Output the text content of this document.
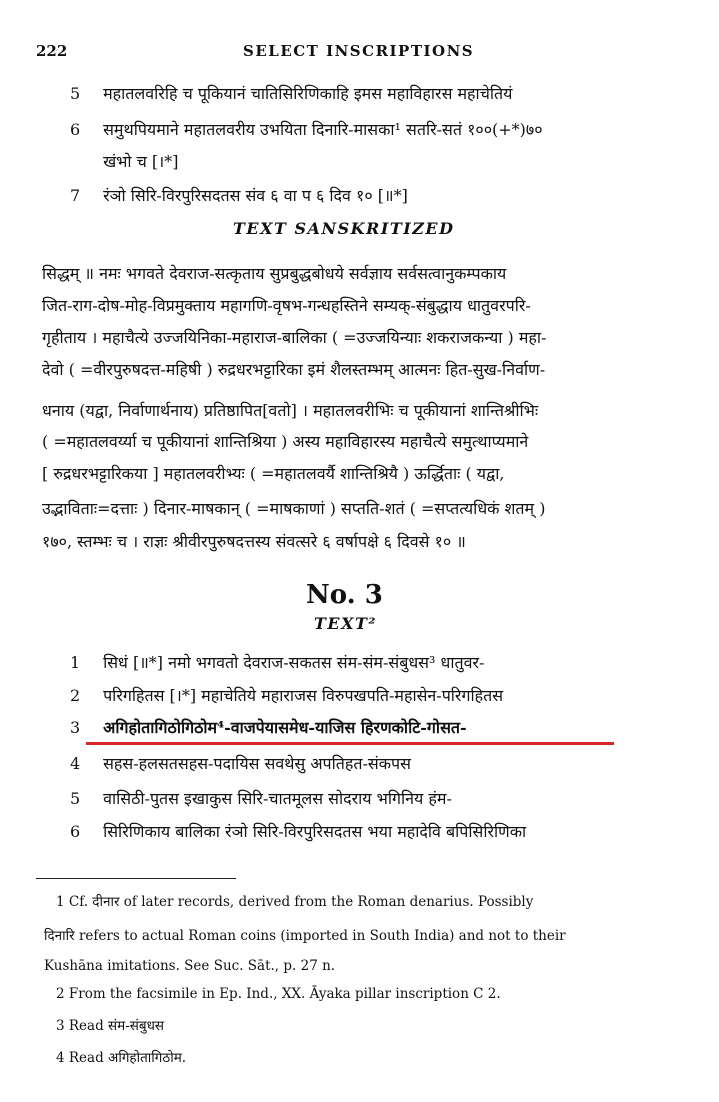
222	SELECT INSCRIPTIONS
5 महातलवरिहि च पूकियानं चातिसिरिणिकाहि इमस महाविहारस महाचेतियं
6 समुथपियमाने महातलवरीय उभयिता दिनारि-मासका¹ सतरि-सतं १००(+*)७०
खंभो च [।*]
7 रंञो सिरि-विरपुरिसदतस संव ६ वा प ६ दिव १० [॥*]
TEXT SANSKRITIZED
सिद्धम् ॥ नमः भगवते देवराज-सत्कृताय सुप्रबुद्धबोधये सर्वज्ञाय सर्वसत्वानुकम्पकाय
जित-राग-दोष-मोह-विप्रमुक्ताय महागणि-वृषभ-गन्धहस्तिने सम्यक्-संबुद्धाय धातुवरपरि-
गृहीताय । महाचैत्ये उज्जयिनिका-महाराज-बालिका ( =उज्जयिन्याः शकराजकन्या ) महा-
देवो ( =वीरपुरुषदत्त-महिषी ) रुद्रधरभट्टारिका इमं शैलस्तम्भम् आत्मनः हित-सुख-निर्वाण-
धनाय (यद्वा, निर्वाणार्थनाय) प्रतिष्ठापित[वतो] । महातलवरीभिः च पूकीयानां शान्तिश्रीभिः
( =महातलवर्य्या च पूकीयानां शान्तिश्रिया ) अस्य महाविहारस्य महाचैत्ये समुत्थाप्यमाने
[ रुद्रधरभट्टारिकया ] महातलवरीभ्यः ( =महातलवर्यै शान्तिश्रियै ) ऊर्द्धिताः ( यद्वा,
उद्भाविताः=दत्ताः ) दिनार-माषकान् ( =माषकाणां ) सप्तति-शतं ( =सप्तत्यधिकं शतम् )
१७०, स्तम्भः च । राज्ञः श्रीवीरपुरुषदत्तस्य संवत्सरे ६ वर्षापक्षे ६ दिवसे १० ॥
No. 3
TEXT²
1 सिधं [॥*] नमो भगवतो देवराज-सकतस संम-संम-संबुधस³ धातुवर-
2 परिगहितस [।*] महाचेतिये महाराजस विरुपखपति-महासेन-परिगहितस
3 अगिहोतागिठोगिठोम⁴-वाजपेयासमेध-याजिस हिरणकोटि-गोसत-
4 सहस-हलसतसहस-पदायिस सवथेसु अपतिहत-संकपस
5 वासिठी-पुतस इखाकुस सिरि-चातमूलस सोदराय भगिनिय हंम-
6 सिरिणिकाय बालिका रंञो सिरि-विरपुरिसदतस भया महादेवि बपिसिरिणिका
1 Cf. दीनार of later records, derived from the Roman denarius. Possibly
दिनारि refers to actual Roman coins (imported in South India) and not to their
Kushāna imitations. See Suc. Sāt., p. 27 n.
2 From the facsimile in Ep. Ind., XX. Āyaka pillar inscription C 2.
3 Read संम-संबुधस
4 Read अगिहोतागिठोम.
